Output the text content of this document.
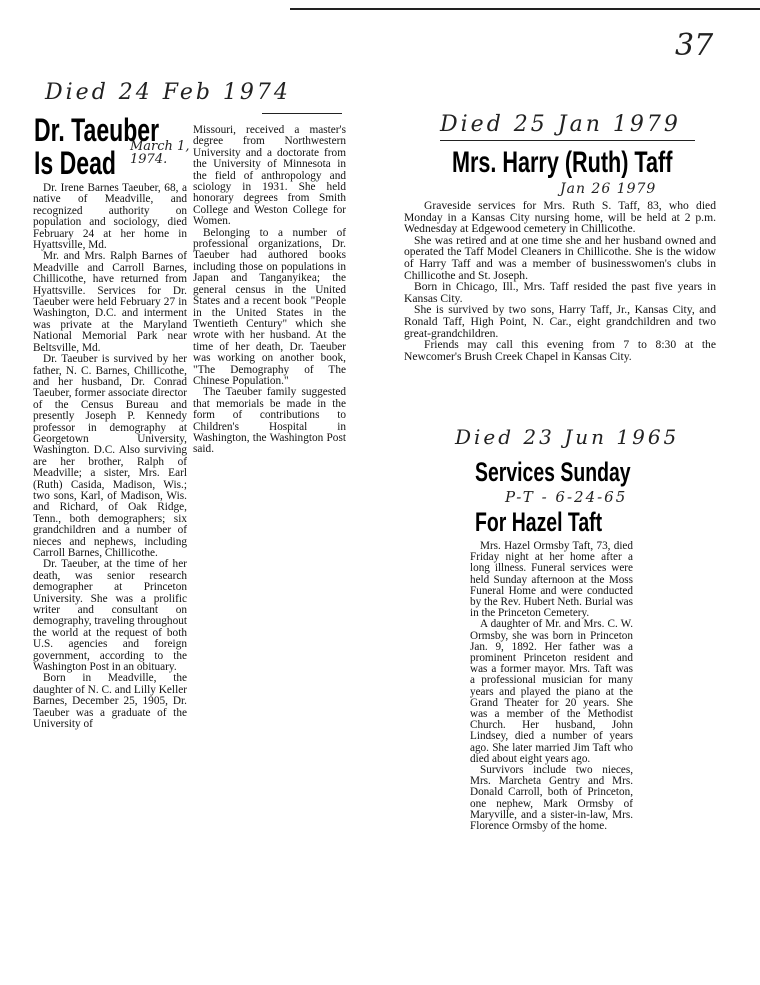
37
Died 24 Feb 1974
Dr. Taeuber
Is Dead	March 1, 1974.

Dr. Irene Barnes Taeuber, 68, a native of Meadville, and recognized authority on population and sociology, died February 24 at her home in Hyattsville, Md.

Mr. and Mrs. Ralph Barnes of Meadville and Carroll Barnes, Chillicothe, have returned from Hyattsville. Services for Dr. Taeuber were held February 27 in Washington, D.C. and interment was private at the Maryland National Memorial Park near Beltsville, Md.

Dr. Taeuber is survived by her father, N. C. Barnes, Chillicothe, and her husband, Dr. Conrad Taeuber, former associate director of the Census Bureau and presently Joseph P. Kennedy professor in demography at Georgetown University, Washington. D.C. Also surviving are her brother, Ralph of Meadville; a sister, Mrs. Earl (Ruth) Casida, Madison, Wis.; two sons, Karl, of Madison, Wis. and Richard, of Oak Ridge, Tenn., both demographers; six grandchildren and a number of nieces and nephews, including Carroll Barnes, Chillicothe.

Dr. Taeuber, at the time of her death, was senior research demographer at Princeton University. She was a prolific writer and consultant on demography, traveling throughout the world at the request of both U.S. agencies and foreign government, according to the Washington Post in an obituary.

Born in Meadville, the daughter of N. C. and Lilly Keller Barnes, December 25, 1905, Dr. Taeuber was a graduate of the University of

Missouri, received a master's degree from Northwestern University and a doctorate from the University of Minnesota in the field of anthropology and sciology in 1931. She held honorary degrees from Smith College and Weston College for Women.

Belonging to a number of professional organizations, Dr. Taeuber had authored books including those on populations in Japan and Tanganyikea; the general census in the United States and a recent book "People in the United States in the Twentieth Century" which she wrote with her husband. At the time of her death, Dr. Taeuber was working on another book, "The Demography of The Chinese Population."

The Taeuber family suggested that memorials be made in the form of contributions to Children's Hospital in Washington, the Washington Post said.

Died 25 Jan 1979
Mrs. Harry (Ruth) Taff
Jan 26 1979

Graveside services for Mrs. Ruth S. Taff, 83, who died Monday in a Kansas City nursing home, will be held at 2 p.m. Wednesday at Edgewood cemetery in Chillicothe.

She was retired and at one time she and her husband owned and operated the Taff Model Cleaners in Chillicothe. She is the widow of Harry Taff and was a member of businesswomen's clubs in Chillicothe and St. Joseph.

Born in Chicago, Ill., Mrs. Taff resided the past five years in Kansas City.

She is survived by two sons, Harry Taff, Jr., Kansas City, and Ronald Taff, High Point, N. Car., eight grandchildren and two great-grandchildren.

Friends may call this evening from 7 to 8:30 at the Newcomer's Brush Creek Chapel in Kansas City.

Died 23 Jun 1965
Services Sunday
P-T - 6-24-65
For Hazel Taft

Mrs. Hazel Ormsby Taft, 73, died Friday night at her home after a long illness. Funeral services were held Sunday afternoon at the Moss Funeral Home and were conducted by the Rev. Hubert Neth. Burial was in the Princeton Cemetery.

A daughter of Mr. and Mrs. C. W. Ormsby, she was born in Princeton Jan. 9, 1892. Her father was a prominent Princeton resident and was a former mayor. Mrs. Taft was a professional musician for many years and played the piano at the Grand Theater for 20 years. She was a member of the Methodist Church. Her husband, John Lindsey, died a number of years ago. She later married Jim Taft who died about eight years ago.

Survivors include two nieces, Mrs. Marcheta Gentry and Mrs. Donald Carroll, both of Princeton, one nephew, Mark Ormsby of Maryville, and a sister-in-law, Mrs. Florence Ormsby of the home.
